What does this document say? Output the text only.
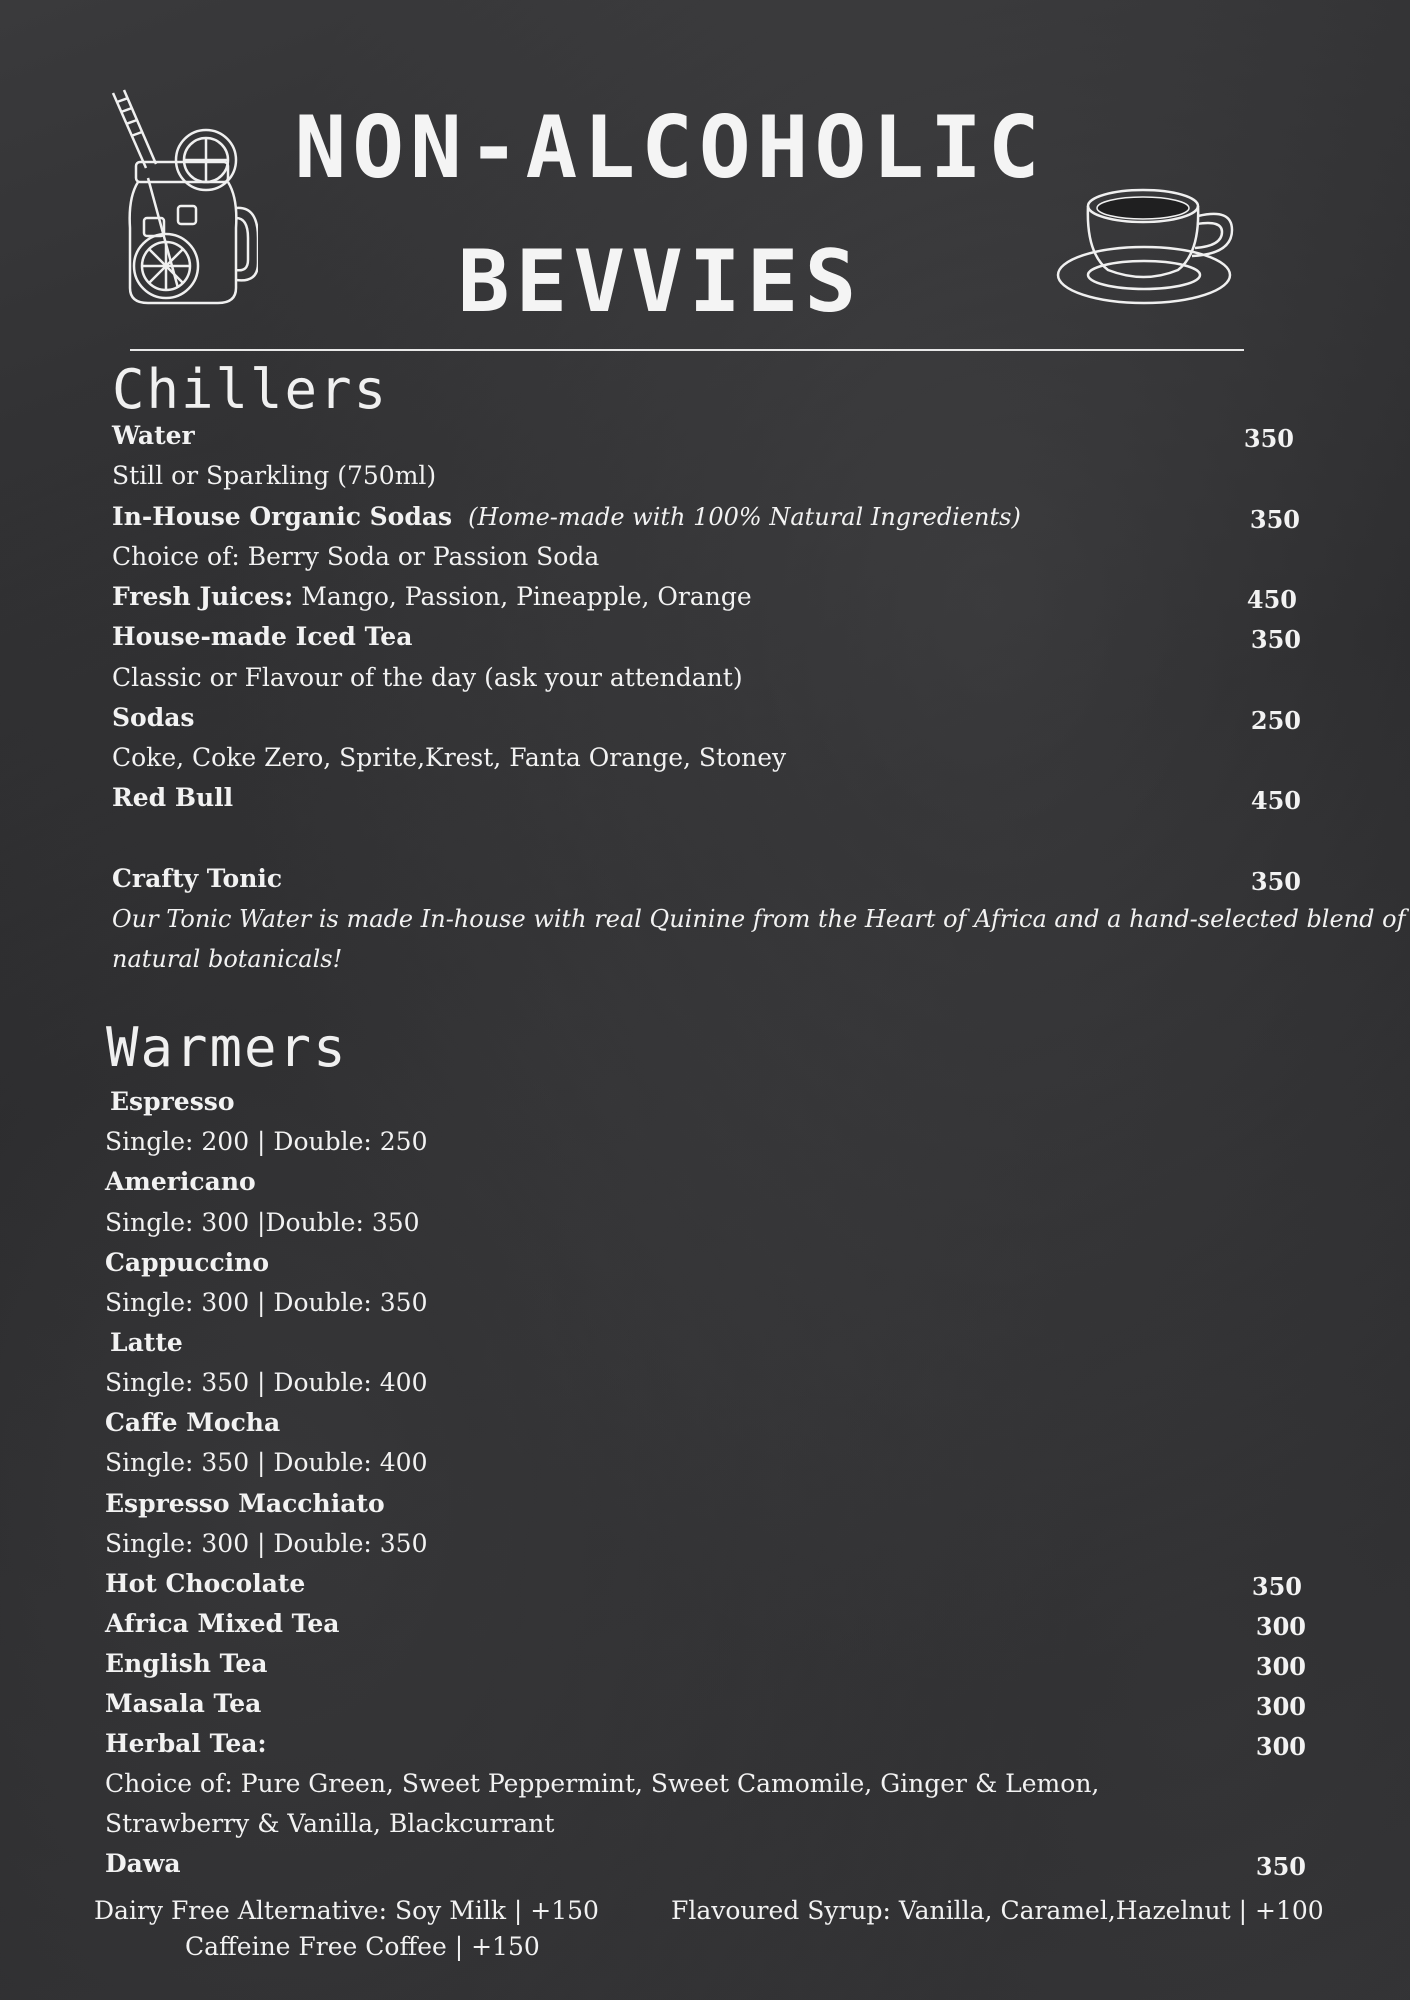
NON-ALCOHOLIC
BEVVIES
Chillers
Water	350
Still or Sparkling (750ml)
In-House Organic Sodas (Home-made with 100% Natural Ingredients)	350
Choice of: Berry Soda or Passion Soda
Fresh Juices: Mango, Passion, Pineapple, Orange	450
House-made Iced Tea	350
Classic or Flavour of the day (ask your attendant)
Sodas	250
Coke, Coke Zero, Sprite,Krest, Fanta Orange, Stoney
Red Bull	450
Crafty Tonic	350
Our Tonic Water is made In-house with real Quinine from the Heart of Africa and a hand-selected blend of
natural botanicals!
Warmers
Espresso
Single: 200 | Double: 250
Americano
Single: 300 |Double: 350
Cappuccino
Single: 300 | Double: 350
Latte
Single: 350 | Double: 400
Caffe Mocha
Single: 350 | Double: 400
Espresso Macchiato
Single: 300 | Double: 350
Hot Chocolate	350
Africa Mixed Tea	300
English Tea	300
Masala Tea	300
Herbal Tea:	300
Choice of: Pure Green, Sweet Peppermint, Sweet Camomile, Ginger & Lemon,
Strawberry & Vanilla, Blackcurrant
Dawa	350
Dairy Free Alternative: Soy Milk | +150
Caffeine Free Coffee | +150
Flavoured Syrup: Vanilla, Caramel,Hazelnut | +100
